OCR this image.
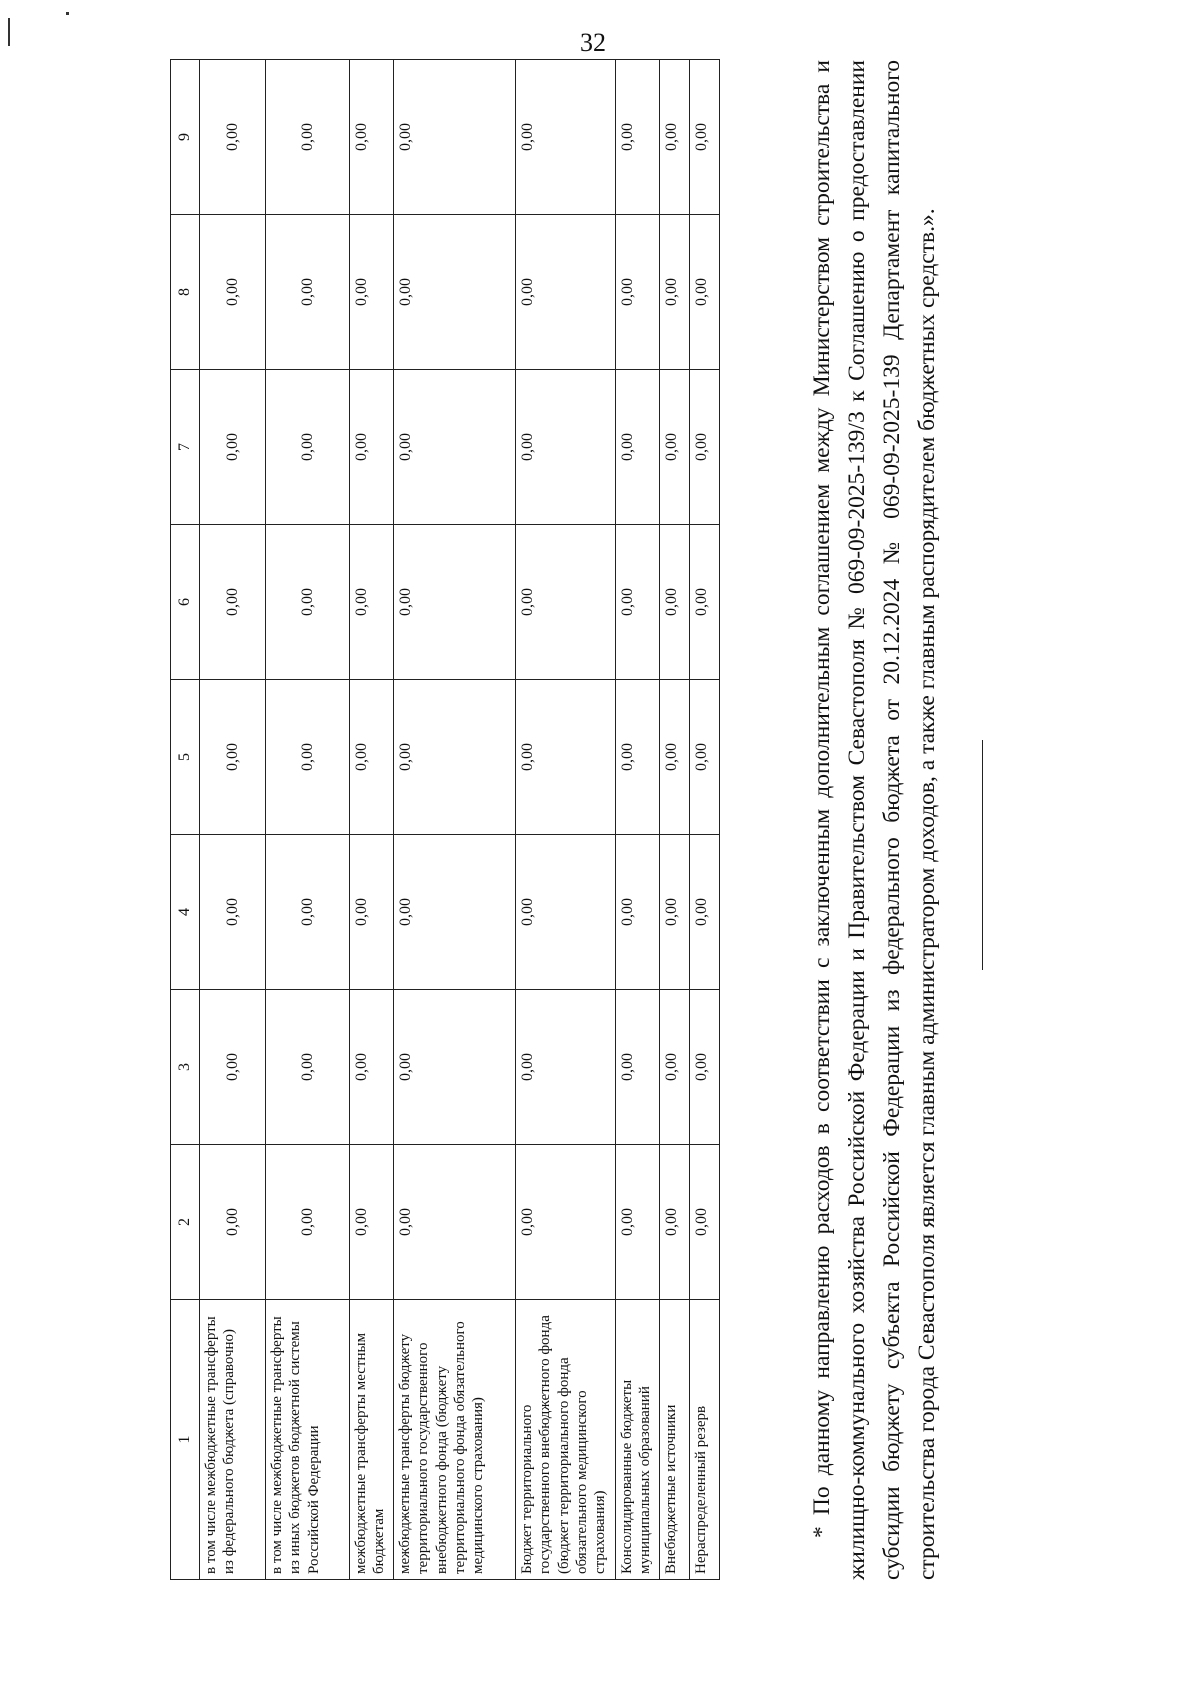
32
1	2	3	4	5	6	7	8	9
в том числе межбюджетные трансферты из федерального бюджета (справочно)	0,00	0,00	0,00	0,00	0,00	0,00	0,00	0,00
в том числе межбюджетные трансферты из иных бюджетов бюджетной системы Российской Федерации	0,00	0,00	0,00	0,00	0,00	0,00	0,00	0,00
межбюджетные трансферты местным бюджетам	0,00	0,00	0,00	0,00	0,00	0,00	0,00	0,00
межбюджетные трансферты бюджету территориального государственного внебюджетного фонда (бюджету территориального фонда обязательного медицинского страхования)	0,00	0,00	0,00	0,00	0,00	0,00	0,00	0,00
Бюджет территориального государственного внебюджетного фонда (бюджет территориального фонда обязательного медицинского страхования)	0,00	0,00	0,00	0,00	0,00	0,00	0,00	0,00
Консолидированные бюджеты муниципальных образований	0,00	0,00	0,00	0,00	0,00	0,00	0,00	0,00
Внебюджетные источники	0,00	0,00	0,00	0,00	0,00	0,00	0,00	0,00
Нераспределенный резерв	0,00	0,00	0,00	0,00	0,00	0,00	0,00	0,00	* По данному направлению расходов в соответствии с заключенным дополнительным соглашением между Министерством строительства и жилищно-коммунального хозяйства Российской Федерации и Правительством Севастополя № 069-09-2025-139/3 к Соглашению о предоставлении субсидии бюджету субъекта Российской Федерации из федерального бюджета от 20.12.2024 № 069-09-2025-139 Департамент капитального строительства города Севастополя является главным администратором доходов, а также главным распорядителем бюджетных средств.».
